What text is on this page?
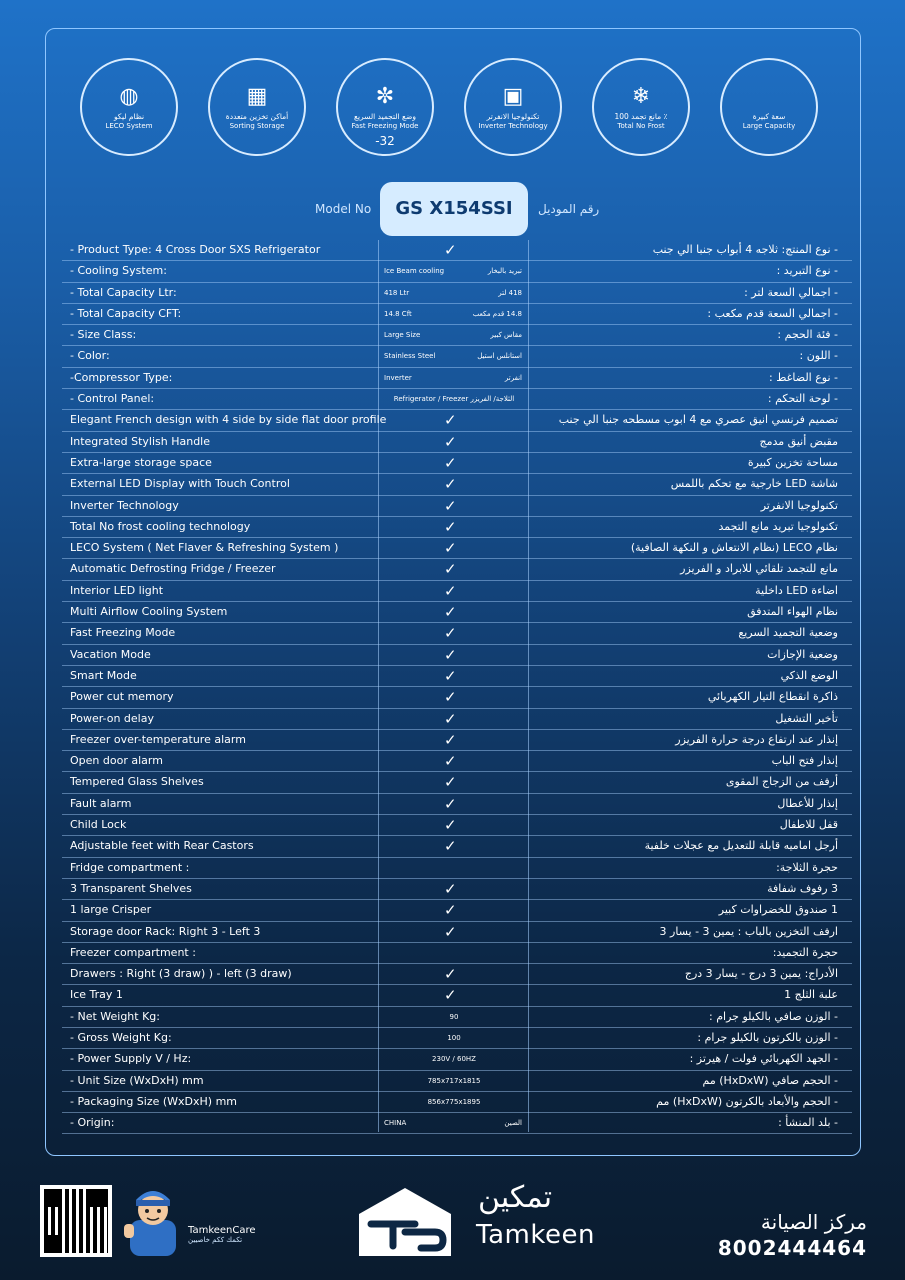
◍
نظام ليكو
LECO System
▦
أماكن تخزين متعددة
Sorting Storage
✼
وضع التجميد السريع
Fast Freezing Mode
-32
▣
تكنولوجيا الانفرتر
Inverter Technology
❄
مانع تجمد 100 ٪
Total No Frost
سعة كبيرة
Large Capacity
Model No	GS X154SSI	رقم الموديل
- Product Type: 4 Cross Door SXS Refrigerator	✓	- نوع المنتج: ثلاجه 4 أبواب جنبا الي جنب
- Cooling System:	Ice Beam cooling	تبريد بالبخار	- نوع التبريد :
- Total Capacity Ltr:	418 Ltr	418 لتر	- اجمالي السعة لتر :
- Total Capacity CFT:	14.8 Cft	14.8 قدم مكعب	- اجمالي السعة قدم مكعب :
- Size Class:	Large Size	مقاس كبير	- فئة الحجم :
- Color:	Stainless Steel	استانلس استيل	- اللون :
-Compressor Type:	Inverter	انفرتر	- نوع الضاغط :
- Control Panel:	Refrigerator / Freezer الثلاجة/ الفريزر	- لوحة التحكم :
Elegant French design with 4 side by side flat door profile	✓	تصميم فرنسي انيق عصري مع 4 ابوب مسطحه جنبا الي جنب
Integrated Stylish Handle	✓	مقبض أنيق مدمج
Extra-large storage space	✓	مساحة تخزين كبيرة
External LED Display with Touch Control	✓	شاشة LED خارجية مع تحكم باللمس
Inverter Technology	✓	تكنولوجيا الانفرتر
Total No frost cooling technology	✓	تكنولوجيا تبريد مانع التجمد
LECO System ( Net Flaver & Refreshing System )	✓	نظام LECO (نظام الانتعاش و النكهة الصافية)
Automatic Defrosting Fridge / Freezer	✓	مانع للتجمد تلقائي للابراد و الفريزر
Interior LED light	✓	اضاءة LED داخلية
Multi Airflow Cooling System	✓	نظام الهواء المتدفق
Fast Freezing Mode	✓	وضعية التجميد السريع
Vacation Mode	✓	وضعية الإجازات
Smart Mode	✓	الوضع الذكي
Power cut memory	✓	ذاكرة انقطاع التيار الكهربائي
Power-on delay	✓	تأخير التشغيل
Freezer over-temperature alarm	✓	إنذار عند ارتفاع درجة حرارة الفريزر
Open door alarm	✓	إنذار فتح الباب
Tempered Glass Shelves	✓	أرفف من الزجاج المقوى
Fault alarm	✓	إنذار للأعطال
Child Lock	✓	قفل للاطفال
Adjustable feet with Rear Castors	✓	أرجل اماميه قابلة للتعديل مع عجلات خلفية
Fridge compartment :	حجرة الثلاجة:
3 Transparent Shelves	✓	3 رفوف شفافة
1 large Crisper	✓	1 صندوق للخضراوات كبير
Storage door Rack: Right 3 - Left 3	✓	ارفف التخزين بالباب : يمين 3 - يسار 3
Freezer compartment :	حجرة التجميد:
Drawers : Right (3 draw) ) - left (3 draw)	✓	الأدراج: يمين 3 درج - يسار 3 درج
Ice Tray 1	✓	علبة الثلج 1
- Net Weight Kg:	90	- الوزن صافي بالكيلو جرام :
- Gross Weight Kg:	100	- الوزن بالكرتون بالكيلو جرام :
- Power Supply V / Hz:	230V / 60HZ	- الجهد الكهربائي فولت / هيرتز :
- Unit Size (WxDxH) mm	785x717x1815	- الحجم صافي (HxDxW) مم
- Packaging Size (WxDxH) mm	856x775x1895	- الحجم والأبعاد بالكرتون (HxDxW) مم
- Origin:	CHINA	الصين	- بلد المنشأ :
TamkeenCare
تكمك ككم خاصيين
تمكين
Tamkeen	مركز الصيانة
8002444464
